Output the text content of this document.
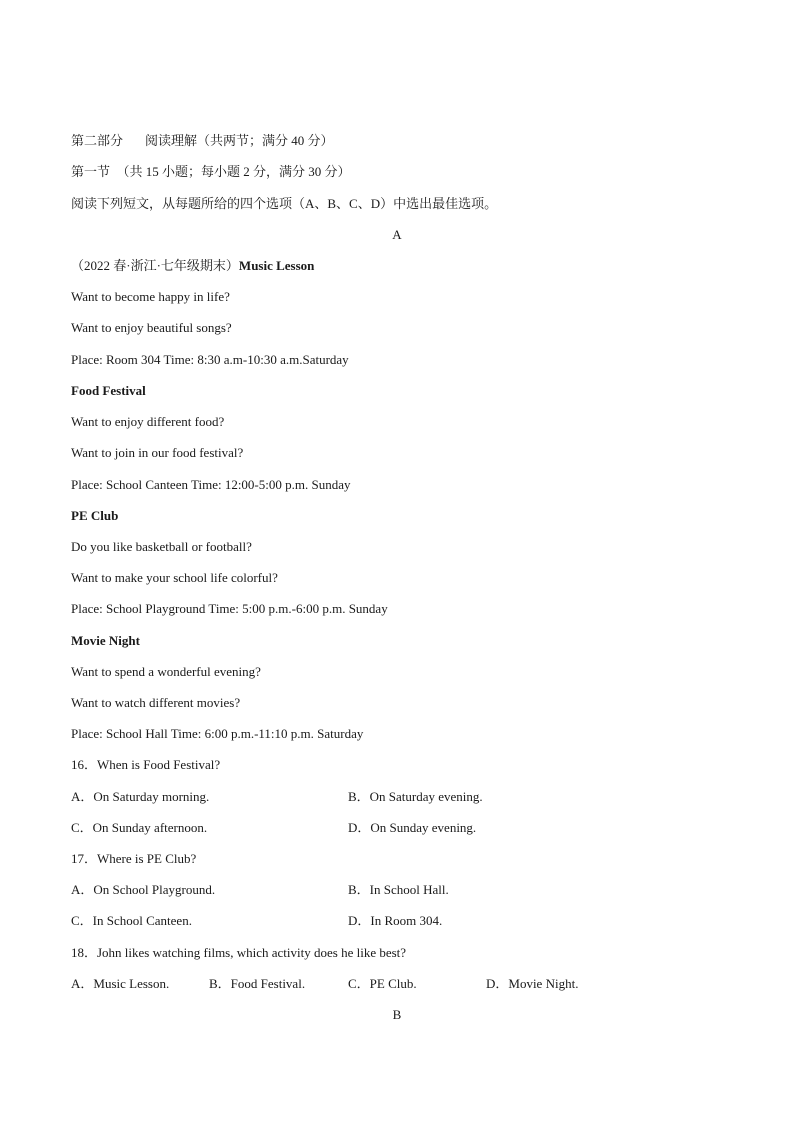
第二部分 阅读理解（共两节；满分 40 分）
第一节　（共 15 小题；每小题 2 分，满分 30 分）
阅读下列短文，从每题所给的四个选项（A、B、C、D）中选出最佳选项。
A
（2022 春·浙江·七年级期末）Music Lesson
Want to become happy in life?
Want to enjoy beautiful songs?
Place: Room 304 Time: 8:30 a.m-10:30 a.m.Saturday
Food Festival
Want to enjoy different food?
Want to join in our food festival?
Place: School Canteen Time: 12:00-5:00 p.m. Sunday
PE Club
Do you like basketball or football?
Want to make your school life colorful?
Place: School Playground Time: 5:00 p.m.-6:00 p.m. Sunday
Movie Night
Want to spend a wonderful evening?
Want to watch different movies?
Place: School Hall Time: 6:00 p.m.-11:10 p.m. Saturday
16．When is Food Festival?
A．On Saturday morning.	B．On Saturday evening.
C．On Sunday afternoon.	D．On Sunday evening.
17．Where is PE Club?
A．On School Playground.	B．In School Hall.
C．In School Canteen.	D．In Room 304.
18．John likes watching films, which activity does he like best?
A．Music Lesson.	B．Food Festival.	C．PE Club.	D．Movie Night.
B
